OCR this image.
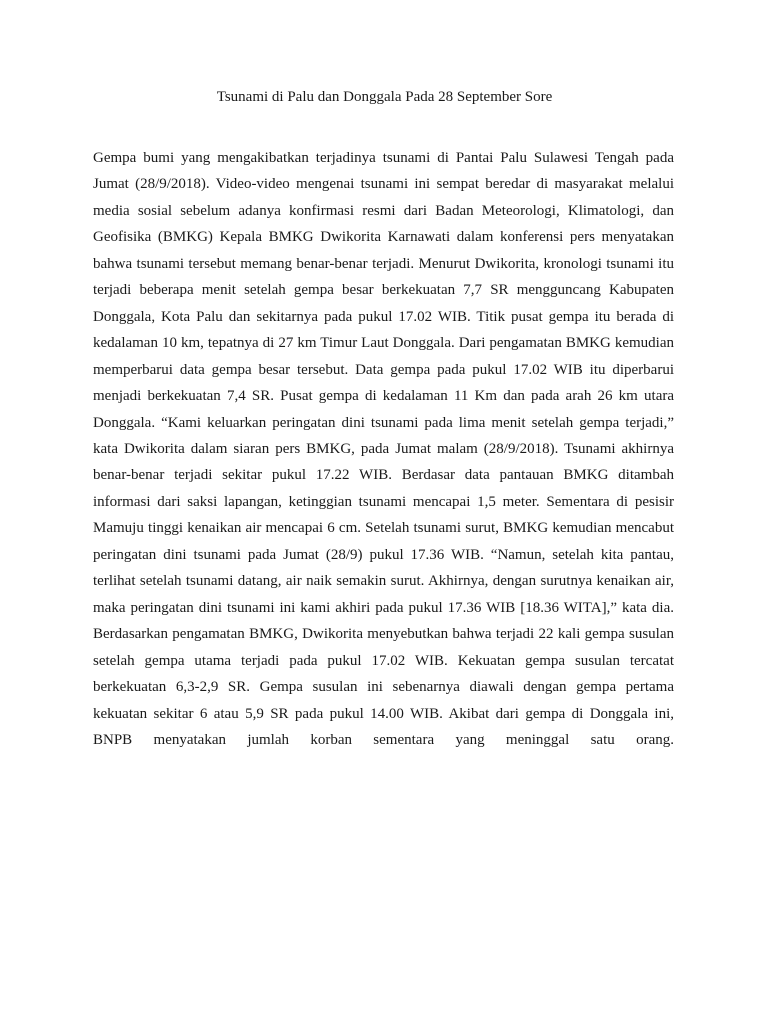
Tsunami di Palu dan Donggala Pada 28 September Sore

Gempa bumi yang mengakibatkan terjadinya tsunami di Pantai Palu Sulawesi Tengah pada Jumat (28/9/2018). Video-video mengenai tsunami ini sempat beredar di masyarakat melalui media sosial sebelum adanya konfirmasi resmi dari Badan Meteorologi, Klimatologi, dan Geofisika (BMKG) Kepala BMKG Dwikorita Karnawati dalam konferensi pers menyatakan bahwa tsunami tersebut memang benar-benar terjadi. Menurut Dwikorita, kronologi tsunami itu terjadi beberapa menit setelah gempa besar berkekuatan 7,7 SR mengguncang Kabupaten Donggala, Kota Palu dan sekitarnya pada pukul 17.02 WIB. Titik pusat gempa itu berada di kedalaman 10 km, tepatnya di 27 km Timur Laut Donggala. Dari pengamatan BMKG kemudian memperbarui data gempa besar tersebut. Data gempa pada pukul 17.02 WIB itu diperbarui menjadi berkekuatan 7,4 SR. Pusat gempa di kedalaman 11 Km dan pada arah 26 km utara Donggala. “Kami keluarkan peringatan dini tsunami pada lima menit setelah gempa terjadi,” kata Dwikorita dalam siaran pers BMKG, pada Jumat malam (28/9/2018). Tsunami akhirnya benar-benar terjadi sekitar pukul 17.22 WIB. Berdasar data pantauan BMKG ditambah informasi dari saksi lapangan, ketinggian tsunami mencapai 1,5 meter. Sementara di pesisir Mamuju tinggi kenaikan air mencapai 6 cm. Setelah tsunami surut, BMKG kemudian mencabut peringatan dini tsunami pada Jumat (28/9) pukul 17.36 WIB. “Namun, setelah kita pantau, terlihat setelah tsunami datang, air naik semakin surut. Akhirnya, dengan surutnya kenaikan air, maka peringatan dini tsunami ini kami akhiri pada pukul 17.36 WIB [18.36 WITA],” kata dia. Berdasarkan pengamatan BMKG, Dwikorita menyebutkan bahwa terjadi 22 kali gempa susulan setelah gempa utama terjadi pada pukul 17.02 WIB. Kekuatan gempa susulan tercatat berkekuatan 6,3-2,9 SR. Gempa susulan ini sebenarnya diawali dengan gempa pertama kekuatan sekitar 6 atau 5,9 SR pada pukul 14.00 WIB. Akibat dari gempa di Donggala ini, BNPB menyatakan jumlah korban sementara yang meninggal satu orang.
